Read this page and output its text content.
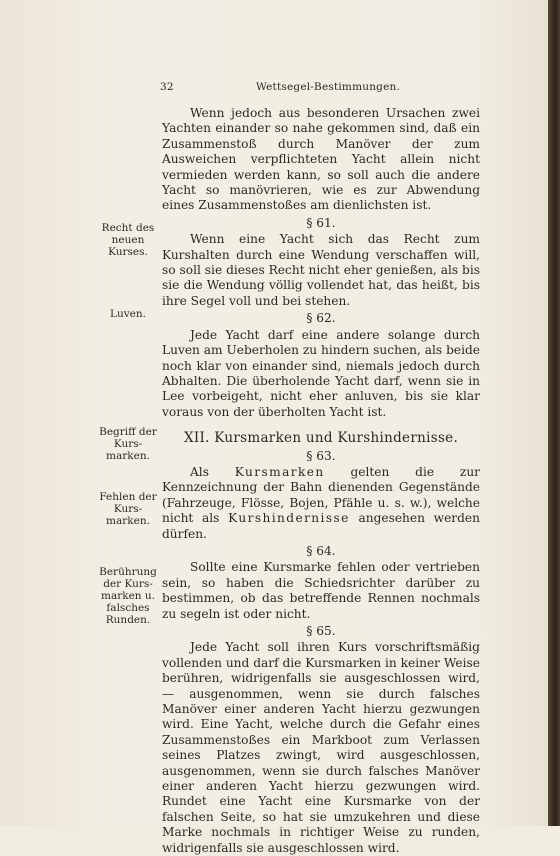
32	Wettsegel-Bestimmungen.
Recht des neuen Kurses.
Luven.
Begriff der Kurs-marken.
Fehlen der Kurs-marken.
Berührung der Kurs-marken u. falsches Runden.

Wenn jedoch aus besonderen Ursachen zwei Yachten einander so nahe gekommen sind, daß ein Zusammenstoß durch Manöver der zum Ausweichen verpflichteten Yacht allein nicht vermieden werden kann, so soll auch die andere Yacht so manövrieren, wie es zur Abwendung eines Zusammenstoßes am dienlichsten ist.

§ 61.

Wenn eine Yacht sich das Recht zum Kurshalten durch eine Wendung verschaffen will, so soll sie dieses Recht nicht eher genießen, als bis sie die Wendung völlig vollendet hat, das heißt, bis ihre Segel voll und bei stehen.

§ 62.

Jede Yacht darf eine andere solange durch Luven am Ueberholen zu hindern suchen, als beide noch klar von einander sind, niemals jedoch durch Abhalten. Die überholende Yacht darf, wenn sie in Lee vorbeigeht, nicht eher anluven, bis sie klar voraus von der überholten Yacht ist.

XII. Kursmarken und Kurshindernisse.
§ 63.

Als Kursmarken gelten die zur Kennzeichnung der Bahn dienenden Gegenstände (Fahrzeuge, Flösse, Bojen, Pfähle u. s. w.), welche nicht als Kurshindernisse angesehen werden dürfen.

§ 64.

Sollte eine Kursmarke fehlen oder vertrieben sein, so haben die Schiedsrichter darüber zu bestimmen, ob das betreffende Rennen nochmals zu segeln ist oder nicht.

§ 65.

Jede Yacht soll ihren Kurs vorschriftsmäßig vollenden und darf die Kursmarken in keiner Weise berühren, widrigenfalls sie ausgeschlossen wird, — ausgenommen, wenn sie durch falsches Manöver einer anderen Yacht hierzu gezwungen wird. Eine Yacht, welche durch die Gefahr eines Zusammenstoßes ein Markboot zum Verlassen seines Platzes zwingt, wird ausgeschlossen, ausgenommen, wenn sie durch falsches Manöver einer anderen Yacht hierzu gezwungen wird. Rundet eine Yacht eine Kursmarke von der falschen Seite, so hat sie umzukehren und diese Marke nochmals in richtiger Weise zu runden, widrigenfalls sie ausgeschlossen wird.
